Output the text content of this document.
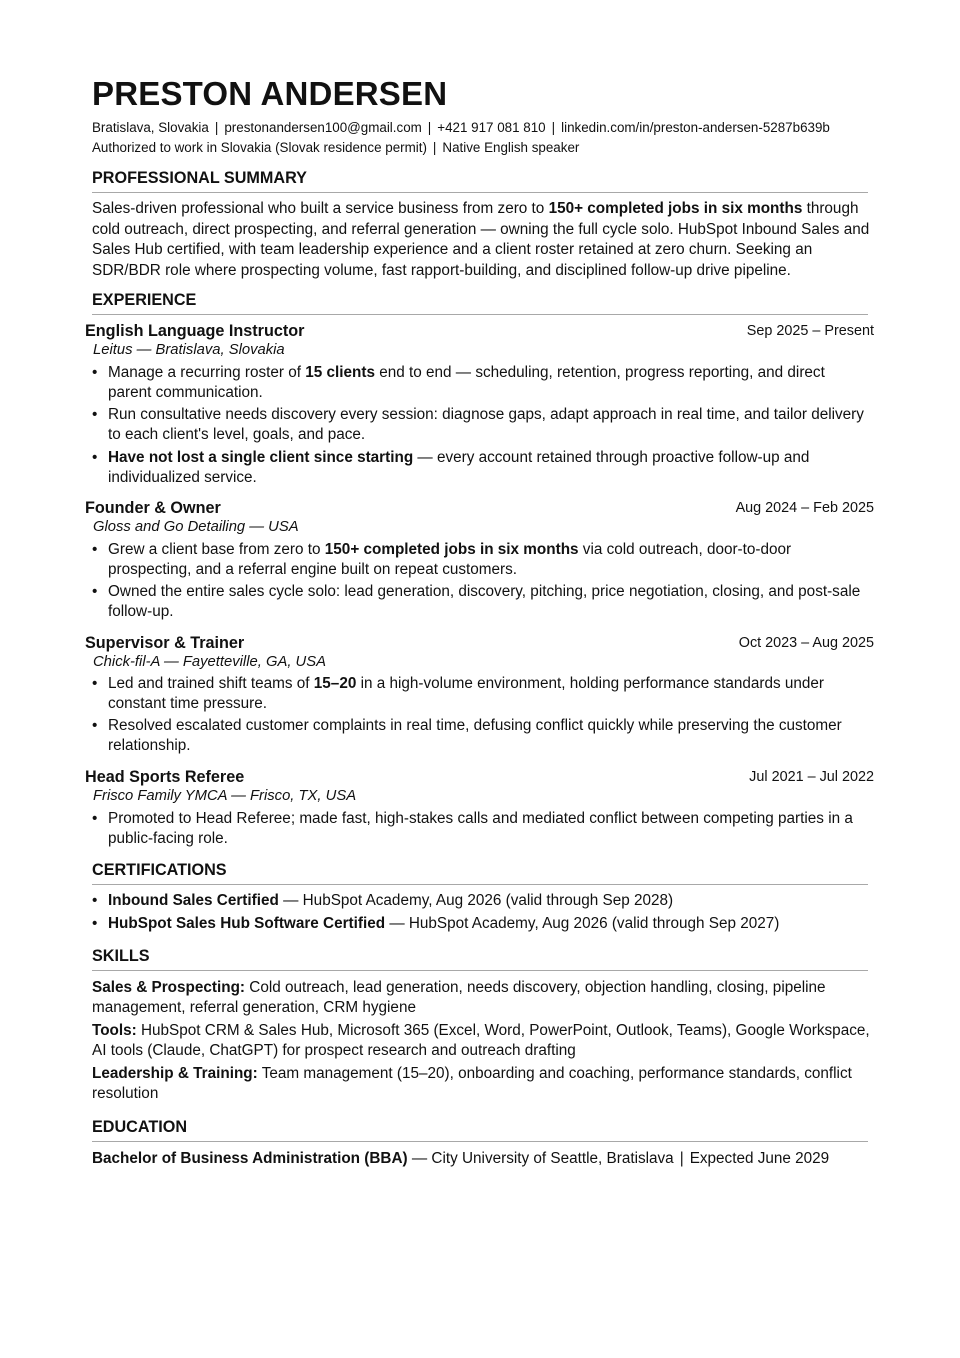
PRESTON ANDERSEN
Bratislava, Slovakia | prestonandersen100@gmail.com | +421 917 081 810 | linkedin.com/in/preston-andersen-5287b639b
Authorized to work in Slovakia (Slovak residence permit) | Native English speaker
PROFESSIONAL SUMMARY

Sales-driven professional who built a service business from zero to 150+ completed jobs in six months through cold outreach, direct prospecting, and referral generation — owning the full cycle solo. HubSpot Inbound Sales and Sales Hub certified, with team leadership experience and a client roster retained at zero churn. Seeking an SDR/BDR role where prospecting volume, fast rapport-building, and disciplined follow-up drive pipeline.

EXPERIENCE
English Language Instructor	Sep 2025 – Present
Leitus — Bratislava, Slovakia
• Manage a recurring roster of 15 clients end to end — scheduling, retention, progress reporting, and direct parent communication.
• Run consultative needs discovery every session: diagnose gaps, adapt approach in real time, and tailor delivery to each client's level, goals, and pace.
• Have not lost a single client since starting — every account retained through proactive follow-up and individualized service.
Founder & Owner	Aug 2024 – Feb 2025
Gloss and Go Detailing — USA
• Grew a client base from zero to 150+ completed jobs in six months via cold outreach, door-to-door prospecting, and a referral engine built on repeat customers.
• Owned the entire sales cycle solo: lead generation, discovery, pitching, price negotiation, closing, and post-sale follow-up.
Supervisor & Trainer	Oct 2023 – Aug 2025
Chick-fil-A — Fayetteville, GA, USA
• Led and trained shift teams of 15–20 in a high-volume environment, holding performance standards under constant time pressure.
• Resolved escalated customer complaints in real time, defusing conflict quickly while preserving the customer relationship.
Head Sports Referee	Jul 2021 – Jul 2022
Frisco Family YMCA — Frisco, TX, USA
• Promoted to Head Referee; made fast, high-stakes calls and mediated conflict between competing parties in a public-facing role.
CERTIFICATIONS
• Inbound Sales Certified — HubSpot Academy, Aug 2026 (valid through Sep 2028)
• HubSpot Sales Hub Software Certified — HubSpot Academy, Aug 2026 (valid through Sep 2027)
SKILLS
Sales & Prospecting: Cold outreach, lead generation, needs discovery, objection handling, closing, pipeline management, referral generation, CRM hygiene
Tools: HubSpot CRM & Sales Hub, Microsoft 365 (Excel, Word, PowerPoint, Outlook, Teams), Google Workspace, AI tools (Claude, ChatGPT) for prospect research and outreach drafting
Leadership & Training: Team management (15–20), onboarding and coaching, performance standards, conflict resolution
EDUCATION
Bachelor of Business Administration (BBA) — City University of Seattle, Bratislava | Expected June 2029
